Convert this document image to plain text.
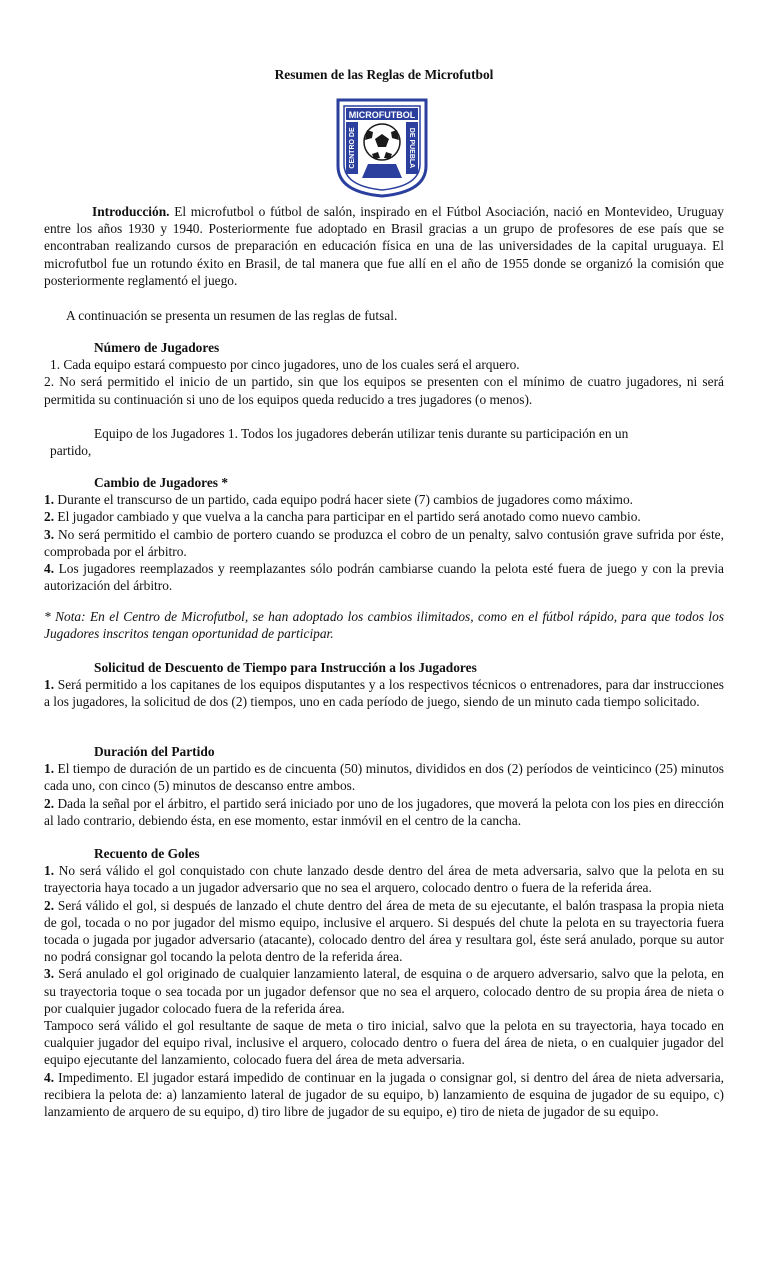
Resumen de las Reglas de Microfutbol
MICROFUTBOL
CENTRO DE	DE PUEBLA

Introducción. El microfutbol o fútbol de salón, inspirado en el Fútbol Asociación, nació en Montevideo, Uruguay entre los años 1930 y 1940. Posteriormente fue adoptado en Brasil gracias a un grupo de profesores de ese país que se encontraban realizando cursos de preparación en educación física en una de las universidades de la capital uruguaya. El microfutbol fue un rotundo éxito en Brasil, de tal manera que fue allí en el año de 1955 donde se organizó la comisión que posteriormente reglamentó el juego.

A continuación se presenta un resumen de las reglas de futsal.

Número de Jugadores

1. Cada equipo estará compuesto por cinco jugadores, uno de los cuales será el arquero.

2. No será permitido el inicio de un partido, sin que los equipos se presenten con el mínimo de cuatro jugadores, ni será permitida su continuación si uno de los equipos queda reducido a tres jugadores (o menos).

Equipo de los Jugadores 1. Todos los jugadores deberán utilizar tenis durante su participación en un

partido,

Cambio de Jugadores *

1. Durante el transcurso de un partido, cada equipo podrá hacer siete (7) cambios de jugadores como máximo.

2. El jugador cambiado y que vuelva a la cancha para participar en el partido será anotado como nuevo cambio.

3. No será permitido el cambio de portero cuando se produzca el cobro de un penalty, salvo contusión grave sufrida por éste, comprobada por el árbitro.

4. Los jugadores reemplazados y reemplazantes sólo podrán cambiarse cuando la pelota esté fuera de juego y con la previa autorización del árbitro.

* Nota: En el Centro de Microfutbol, se han adoptado los cambios ilimitados, como en el fútbol rápido, para que todos los Jugadores inscritos tengan oportunidad de participar.

Solicitud de Descuento de Tiempo para Instrucción a los Jugadores

1. Será permitido a los capitanes de los equipos disputantes y a los respectivos técnicos o entrenadores, para dar instrucciones a los jugadores, la solicitud de dos (2) tiempos, uno en cada período de juego, siendo de un minuto cada tiempo solicitado.

Duración del Partido

1. El tiempo de duración de un partido es de cincuenta (50) minutos, divididos en dos (2) períodos de veinticinco (25) minutos cada uno, con cinco (5) minutos de descanso entre ambos.

2. Dada la señal por el árbitro, el partido será iniciado por uno de los jugadores, que moverá la pelota con los pies en dirección al lado contrario, debiendo ésta, en ese momento, estar inmóvil en el centro de la cancha.

Recuento de Goles

1. No será válido el gol conquistado con chute lanzado desde dentro del área de meta adversaria, salvo que la pelota en su trayectoria haya tocado a un jugador adversario que no sea el arquero, colocado dentro o fuera de la referida área.

2. Será válido el gol, si después de lanzado el chute dentro del área de meta de su ejecutante, el balón traspasa la propia nieta de gol, tocada o no por jugador del mismo equipo, inclusive el arquero. Si después del chute la pelota en su trayectoria fuera tocada o jugada por jugador adversario (atacante), colocado dentro del área y resultara gol, éste será anulado, porque su autor no podrá consignar gol tocando la pelota dentro de la referida área.

3. Será anulado el gol originado de cualquier lanzamiento lateral, de esquina o de arquero adversario, salvo que la pelota, en su trayectoria toque o sea tocada por un jugador defensor que no sea el arquero, colocado dentro de su propia área de nieta o por cualquier jugador colocado fuera de la referida área.

Tampoco será válido el gol resultante de saque de meta o tiro inicial, salvo que la pelota en su trayectoria, haya tocado en cualquier jugador del equipo rival, inclusive el arquero, colocado dentro o fuera del área de nieta, o en cualquier jugador del equipo ejecutante del lanzamiento, colocado fuera del área de meta adversaria.

4. Impedimento. El jugador estará impedido de continuar en la jugada o consignar gol, si dentro del área de nieta adversaria, recibiera la pelota de: a) lanzamiento lateral de jugador de su equipo, b) lanzamiento de esquina de jugador de su equipo, c) lanzamiento de arquero de su equipo, d) tiro libre de jugador de su equipo, e) tiro de nieta de jugador de su equipo.
